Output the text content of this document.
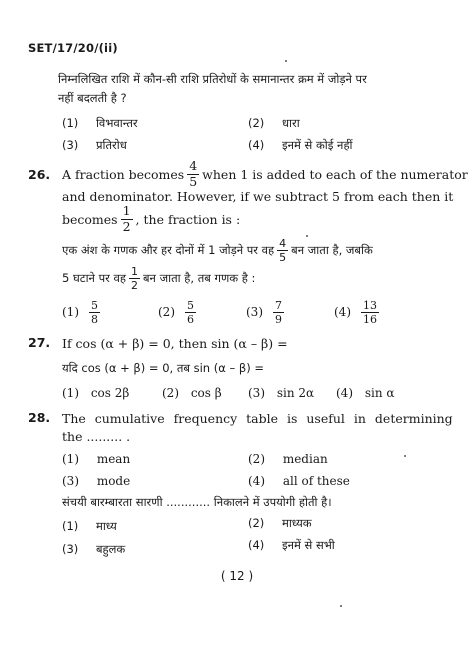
SET/17/20/(ii)
निम्नलिखित राशि में कौन-सी राशि प्रतिरोधों के समानान्तर क्रम में जोड़ने पर
नहीं बदलती है ?
(1) विभवान्तर	(2) धारा
(3) प्रतिरोध	(4) इनमें से कोई नहीं
26. A fraction becomes $\frac{4}{5}$ when 1 is added to each of the numerator
and denominator. However, if we subtract 5 from each then it
becomes $\frac{1}{2}$ , the fraction is :
एक अंश के गणक और हर दोनों में 1 जोड़ने पर वह $\frac{4}{5}$ बन जाता है, जबकि
5 घटाने पर वह $\frac{1}{2}$ बन जाता है, तब गणक है :
$(1) \frac{5}{8}$	$(2) \frac{5}{6}$	$(3) \frac{7}{9}$	$(4) \frac{13}{16}$
27. If cos (α + β) = 0, then sin (α – β) =
यदि cos (α + β) = 0, तब sin (α – β) =
(1) cos 2β	(2) cos β (3) sin 2α (4) sin α
28. The cumulative frequency table is useful in determining
the ......... .
(1) mean	(2) median
(3) mode	(4) all of these
संचयी बारम्बारता सारणी ............ निकालने में उपयोगी होती है।
(1) माध्य	(2) माध्यक
(3) बहुलक	(4) इनमें से सभी
( 12 )
